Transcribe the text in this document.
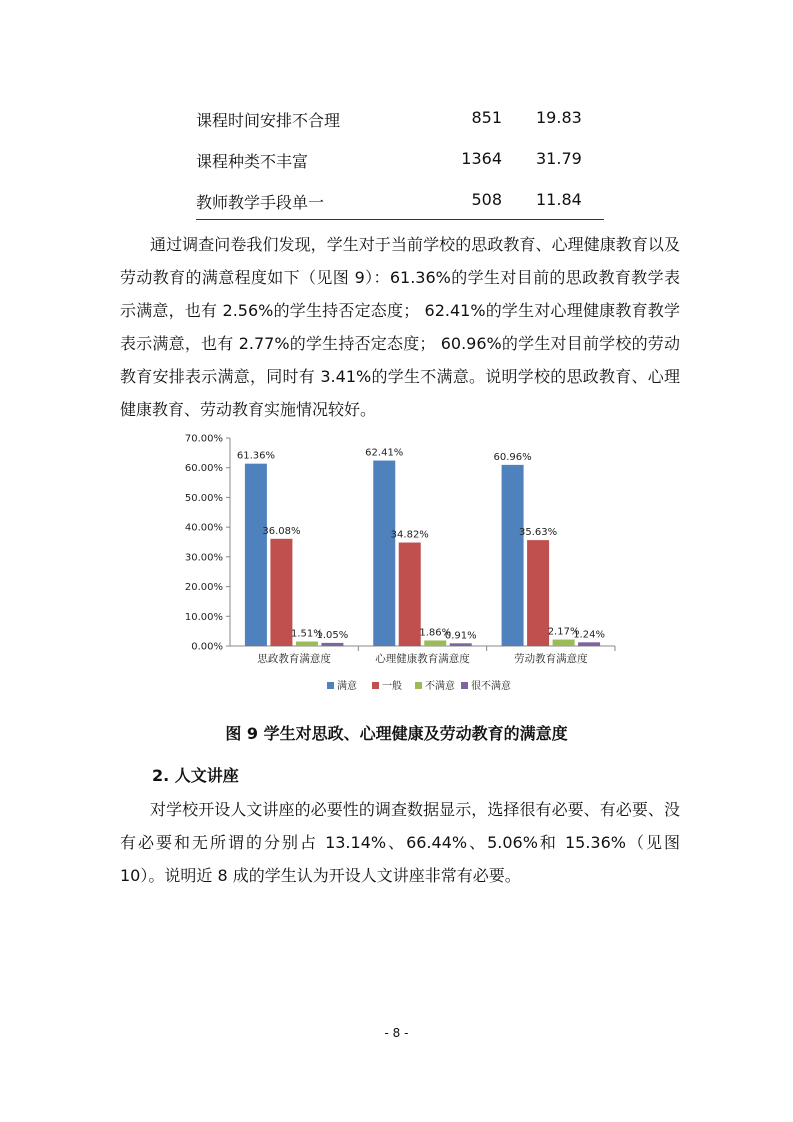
课程时间安排不合理	851 19.83
课程种类不丰富	1364 31.79
教师教学手段单一	508 11.84

通过调查问卷我们发现，学生对于当前学校的思政教育、心理健康教育以及劳动教育的满意程度如下（见图 9）：61.36%的学生对目前的思政教育教学表示满意，也有 2.56%的学生持否定态度； 62.41%的学生对心理健康教育教学表示满意，也有 2.77%的学生持否定态度； 60.96%的学生对目前学校的劳动教育安排表示满意，同时有 3.41%的学生不满意。说明学校的思政教育、心理健康教育、劳动教育实施情况较好。

0.00%
10.00%
20.00%
30.00%
40.00%
50.00%
60.00%
70.00%
61.36%
36.08%
1.51%
1.05%
思政教育满意度
62.41%
34.82%
1.86%
0.91%
心理健康教育满意度
60.96%
35.63%
2.17%
1.24%
劳动教育满意度
满意	一般 不满意 很不满意
图 9 学生对思政、心理健康及劳动教育的满意度
2. 人文讲座

对学校开设人文讲座的必要性的调查数据显示，选择很有必要、有必要、没有必要和无所谓的分别占 13.14%、66.44%、5.06%和 15.36%（见图 10）。说明近 8 成的学生认为开设人文讲座非常有必要。

- 8 -
